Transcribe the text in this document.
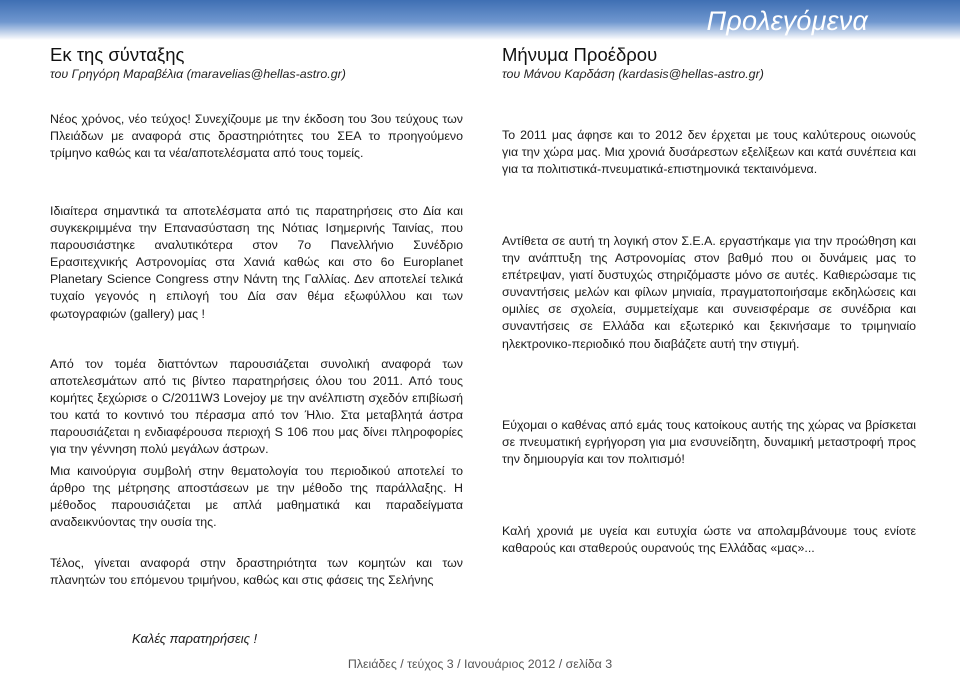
Προλεγόμενα
Εκ της σύνταξης
του Γρηγόρη Μαραβέλια (maravelias@hellas-astro.gr)
Μήνυμα Προέδρου
του Μάνου Καρδάση (kardasis@hellas-astro.gr)

Νέος χρόνος, νέο τεύχος! Συνεχίζουμε με την έκδοση του 3ου τεύχους των Πλειάδων με αναφορά στις δραστηριότητες του ΣΕΑ το προηγούμενο τρίμηνο καθώς και τα νέα/αποτελέσματα από τους τομείς.

Ιδιαίτερα σημαντικά τα αποτελέσματα από τις παρατηρήσεις στο Δία και συγκεκριμμένα την Επανασύσταση της Νότιας Ισημερινής Ταινίας, που παρουσιάστηκε αναλυτικότερα στον 7ο Πανελλήνιο Συνέδριο Ερασιτεχνικής Αστρονομίας στα Χανιά καθώς και στο 6ο Europlanet Planetary Science Congress στην Νάντη της Γαλλίας. Δεν αποτελεί τελικά τυχαίο γεγονός η επιλογή του Δία σαν θέμα εξωφύλλου και των φωτογραφιών (gallery) μας !

Από τον τομέα διαττόντων παρουσιάζεται συνολική αναφορά των αποτελεσμάτων από τις βίντεο παρατηρήσεις όλου του 2011. Από τους κομήτες ξεχώρισε ο C/2011W3 Lovejoy με την ανέλπιστη σχεδόν επιβίωσή του κατά το κοντινό του πέρασμα από τον Ήλιο. Στα μεταβλητά άστρα παρουσιάζεται η ενδιαφέρουσα περιοχή S 106 που μας δίνει πληροφορίες για την γέννηση πολύ μεγάλων άστρων.

Μια καινούργια συμβολή στην θεματολογία του περιοδικού αποτελεί το άρθρο της μέτρησης αποστάσεων με την μέθοδο της παράλλαξης. Η μέθοδος παρουσιάζεται με απλά μαθηματικά και παραδείγματα αναδεικνύοντας την ουσία της.

Τέλος, γίνεται αναφορά στην δραστηριότητα των κομητών και των πλανητών του επόμενου τριμήνου, καθώς και στις φάσεις της Σελήνης

Καλές παρατηρήσεις !

Το 2011 μας άφησε και το 2012 δεν έρχεται με τους καλύτερους οιωνούς για την χώρα μας. Μια χρονιά δυσάρεστων εξελίξεων και κατά συνέπεια και για τα πολιτιστικά-πνευματικά-επιστημονικά τεκταινόμενα.

Αντίθετα σε αυτή τη λογική στον Σ.Ε.Α. εργαστήκαμε για την προώθηση και την ανάπτυξη της Αστρονομίας στον βαθμό που οι δυνάμεις μας το επέτρεψαν, γιατί δυστυχώς στηριζόμαστε μόνο σε αυτές. Καθιερώσαμε τις συναντήσεις μελών και φίλων μηνιαία, πραγματοποιήσαμε εκδηλώσεις και ομιλίες σε σχολεία, συμμετείχαμε και συνεισφέραμε σε συνέδρια και συναντήσεις σε Ελλάδα και εξωτερικό και ξεκινήσαμε το τριμηνιαίο ηλεκτρονικο-περιοδικό που διαβάζετε αυτή την στιγμή.

Εύχομαι ο καθένας από εμάς τους κατοίκους αυτής της χώρας να βρίσκεται σε πνευματική εγρήγορση για μια ενσυνείδητη, δυναμική μεταστροφή προς την δημιουργία και τον πολιτισμό!

Καλή χρονιά με υγεία και ευτυχία ώστε να απολαμβάνουμε τους ενίοτε καθαρούς και σταθερούς ουρανούς της Ελλάδας «μας»...

Πλειάδες / τεύχος 3 / Ιανουάριος 2012 / σελίδα 3
